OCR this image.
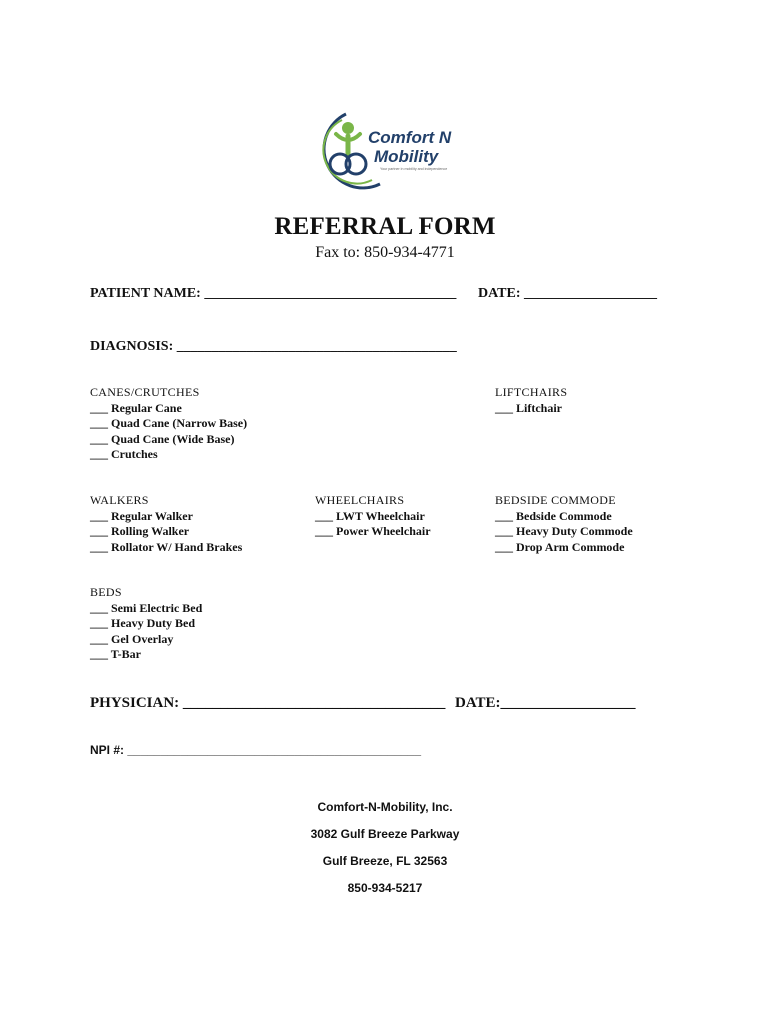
Comfort N
Mobility
Your partner in mobility and independence
REFERRAL FORM
Fax to: 850-934-4771
PATIENT NAME: ____________________________________ DATE: ___________________
DIAGNOSIS: ________________________________________
CANES/CRUTCHES
___ Regular Cane
___ Quad Cane (Narrow Base)
___ Quad Cane (Wide Base)
___ Crutches
LIFTCHAIRS
___ Liftchair
WALKERS
___ Regular Walker
___ Rolling Walker
___ Rollator W/ Hand Brakes
WHEELCHAIRS
___ LWT Wheelchair
___ Power Wheelchair
BEDSIDE COMMODE
___ Bedside Commode
___ Heavy Duty Commode
___ Drop Arm Commode
BEDS
___ Semi Electric Bed
___ Heavy Duty Bed
___ Gel Overlay
___ T-Bar
PHYSICIAN: ___________________________________ DATE:__________________
NPI #: ____________________________________________
Comfort-N-Mobility, Inc.
3082 Gulf Breeze Parkway
Gulf Breeze, FL 32563
850-934-5217
